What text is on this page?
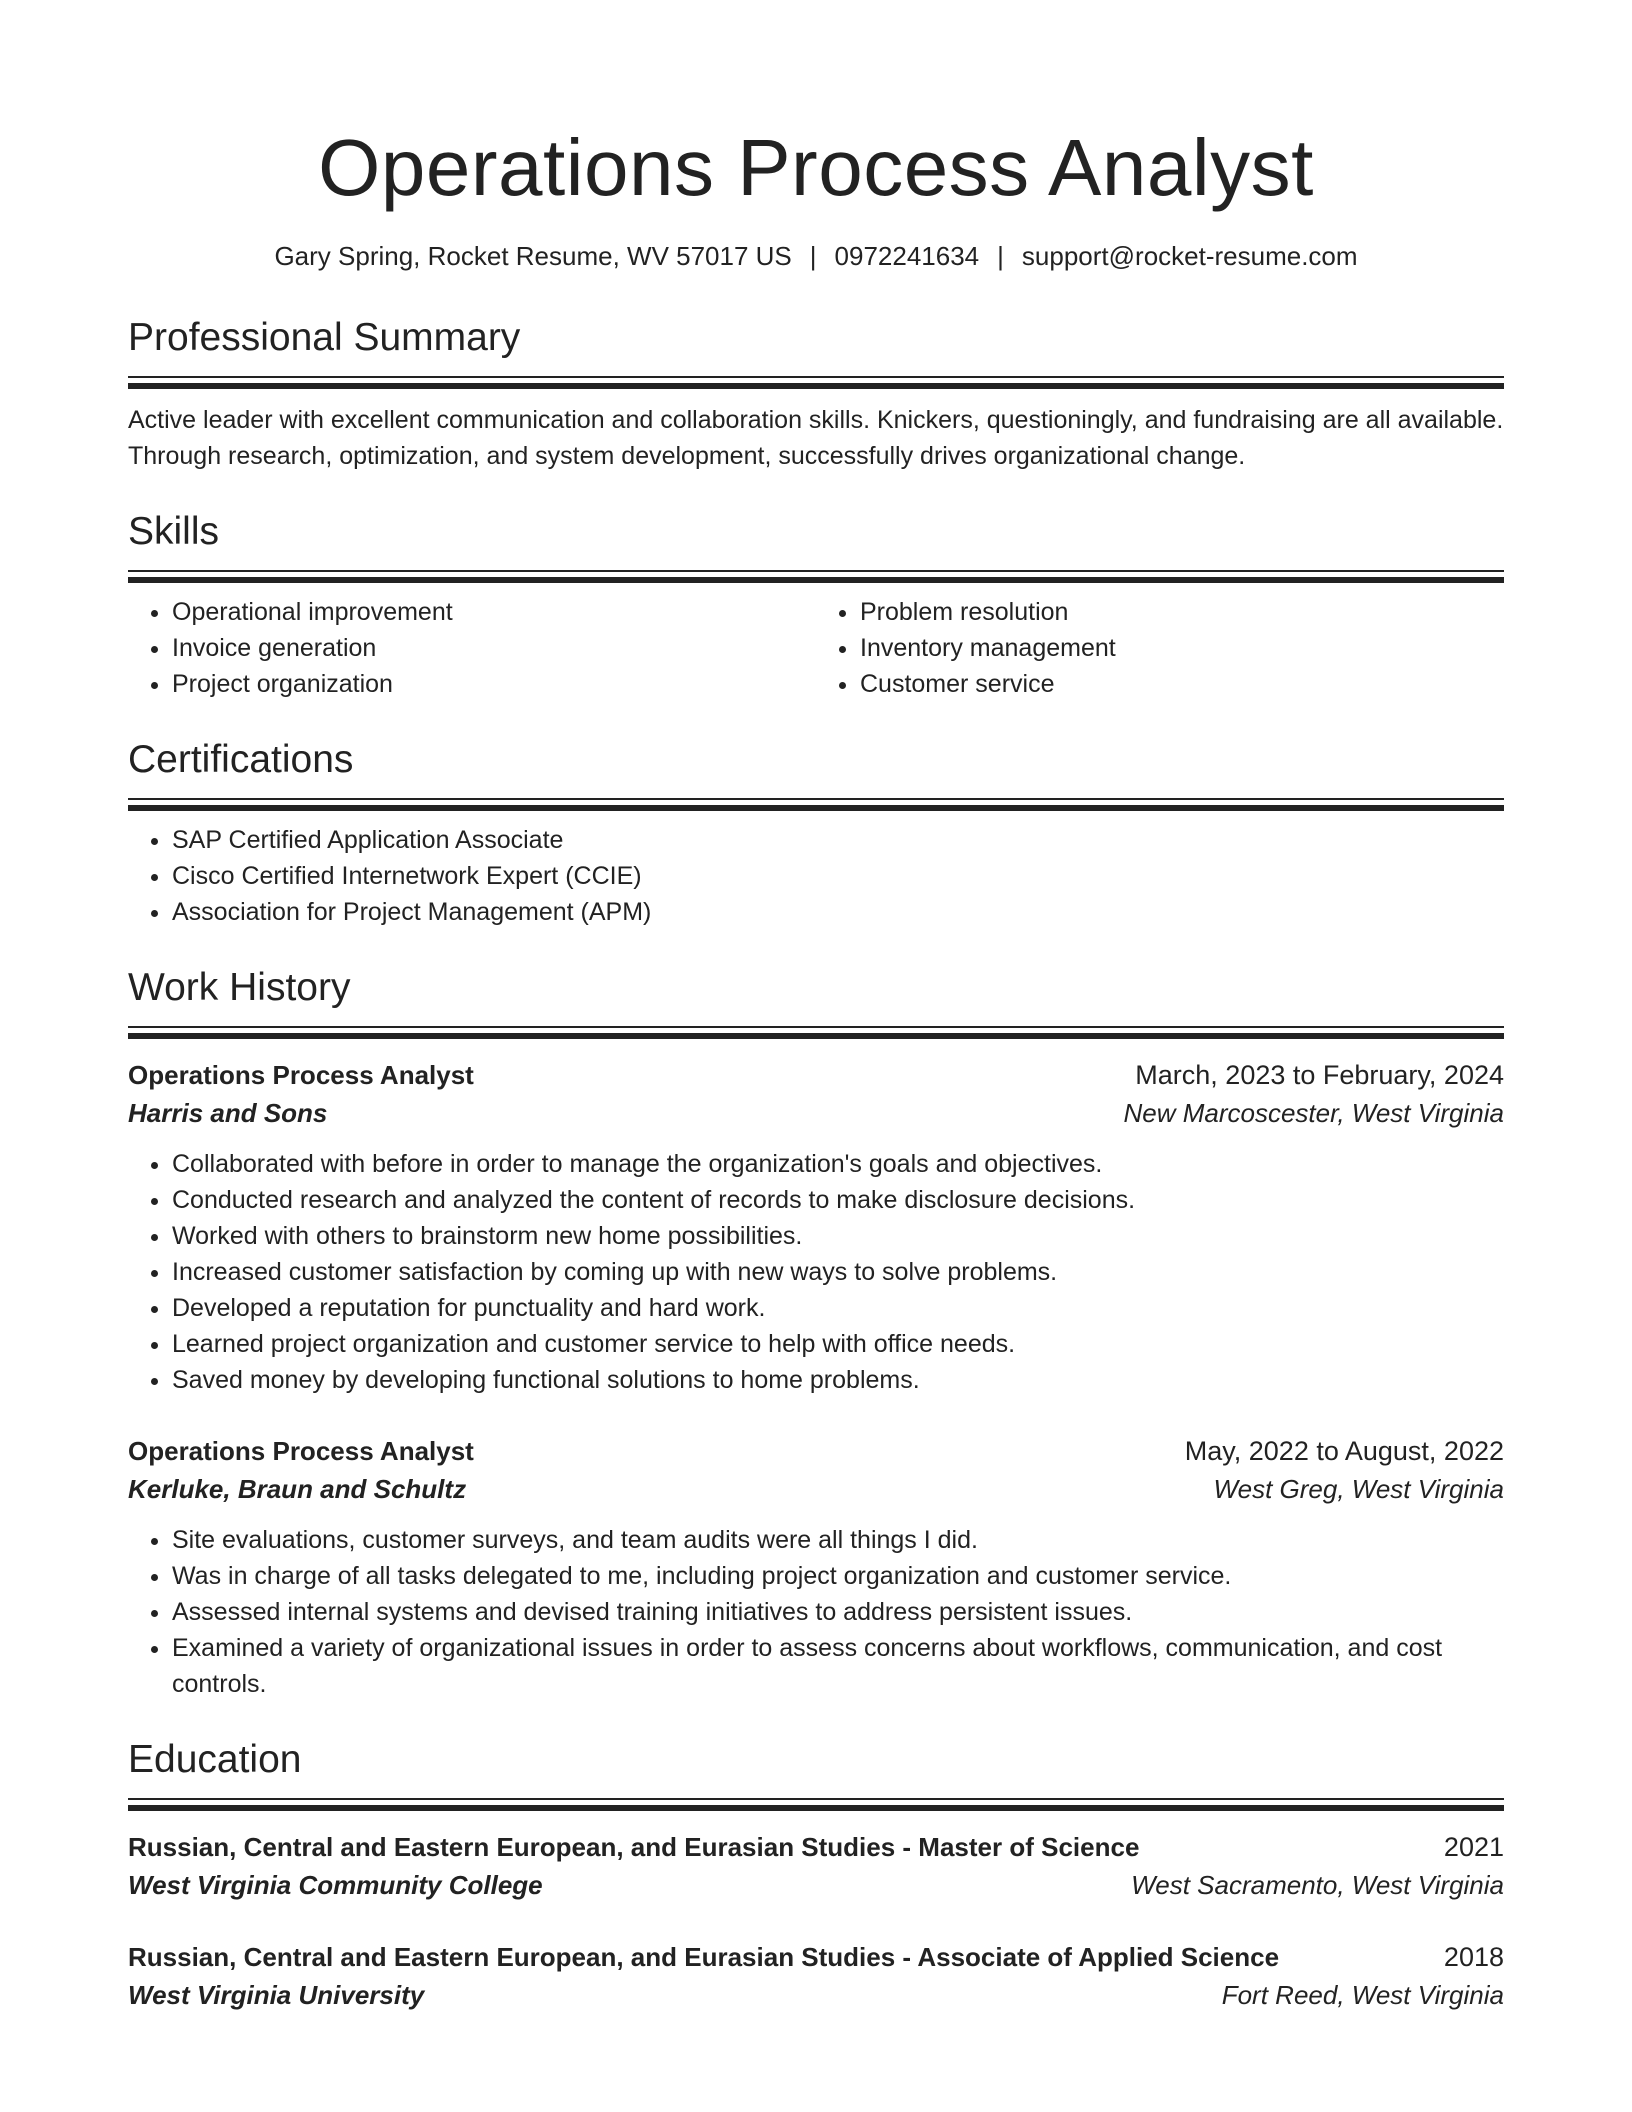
Operations Process Analyst
Gary Spring, Rocket Resume, WV 57017 US | 0972241634 | support@rocket-resume.com
Professional Summary
Active leader with excellent communication and collaboration skills. Knickers, questioningly, and fundraising are all available. Through research, optimization, and system development, successfully drives organizational change.
Skills
• Operational improvement
• Invoice generation
• Project organization
• Problem resolution
• Inventory management
• Customer service
Certifications
• SAP Certified Application Associate
• Cisco Certified Internetwork Expert (CCIE)
• Association for Project Management (APM)
Work History
Operations Process Analyst	March, 2023 to February, 2024
Harris and Sons	New Marcoscester, West Virginia
• Collaborated with before in order to manage the organization's goals and objectives.
• Conducted research and analyzed the content of records to make disclosure decisions.
• Worked with others to brainstorm new home possibilities.
• Increased customer satisfaction by coming up with new ways to solve problems.
• Developed a reputation for punctuality and hard work.
• Learned project organization and customer service to help with office needs.
• Saved money by developing functional solutions to home problems.
Operations Process Analyst	May, 2022 to August, 2022
Kerluke, Braun and Schultz	West Greg, West Virginia
• Site evaluations, customer surveys, and team audits were all things I did.
• Was in charge of all tasks delegated to me, including project organization and customer service.
• Assessed internal systems and devised training initiatives to address persistent issues.
• Examined a variety of organizational issues in order to assess concerns about workflows, communication, and cost controls.
Education
Russian, Central and Eastern European, and Eurasian Studies - Master of Science	2021
West Virginia Community College	West Sacramento, West Virginia
Russian, Central and Eastern European, and Eurasian Studies - Associate of Applied Science	2018
West Virginia University	Fort Reed, West Virginia
